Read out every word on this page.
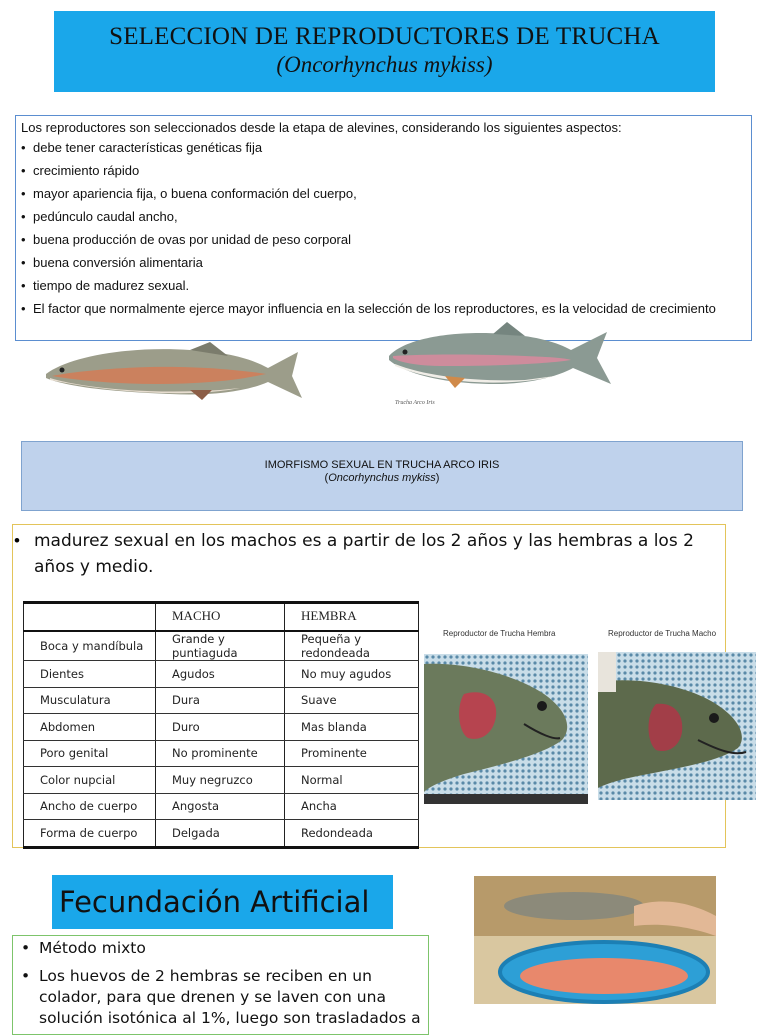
SELECCION DE REPRODUCTORES DE TRUCHA
(Oncorhynchus mykiss)

Los reproductores son seleccionados desde la etapa de alevines, considerando los siguientes aspectos:

• debe tener características genéticas fija
• crecimiento rápido
• mayor apariencia fija, o buena conformación del cuerpo,
• pedúnculo caudal ancho,
• buena producción de ovas por unidad de peso corporal
• buena conversión alimentaria
• tiempo de madurez sexual.
• El factor que normalmente ejerce mayor influencia en la selección de los reproductores, es la velocidad de crecimiento
Trucha Arco Iris
IMORFISMO SEXUAL EN TRUCHA ARCO IRIS
(Oncorhynchus mykiss)
• madurez sexual en los machos es a partir de los 2 años y las hembras a los 2 años y medio.
	MACHO	HEMBRA
Boca y mandíbula	Grande y puntiaguda	Pequeña y redondeada
Dientes	Agudos	No muy agudos
Musculatura	Dura	Suave
Abdomen	Duro	Mas blanda
Poro genital	No prominente	Prominente
Color nupcial	Muy negruzco	Normal
Ancho de cuerpo	Angosta	Ancha
Forma de cuerpo	Delgada	Redondeada
Reproductor de Trucha Hembra	Reproductor de Trucha Macho
Fecundación Artificial
• Método mixto
• Los huevos de 2 hembras se reciben en un colador, para que drenen y se laven con una solución isotónica al 1%, luego son trasladados a
